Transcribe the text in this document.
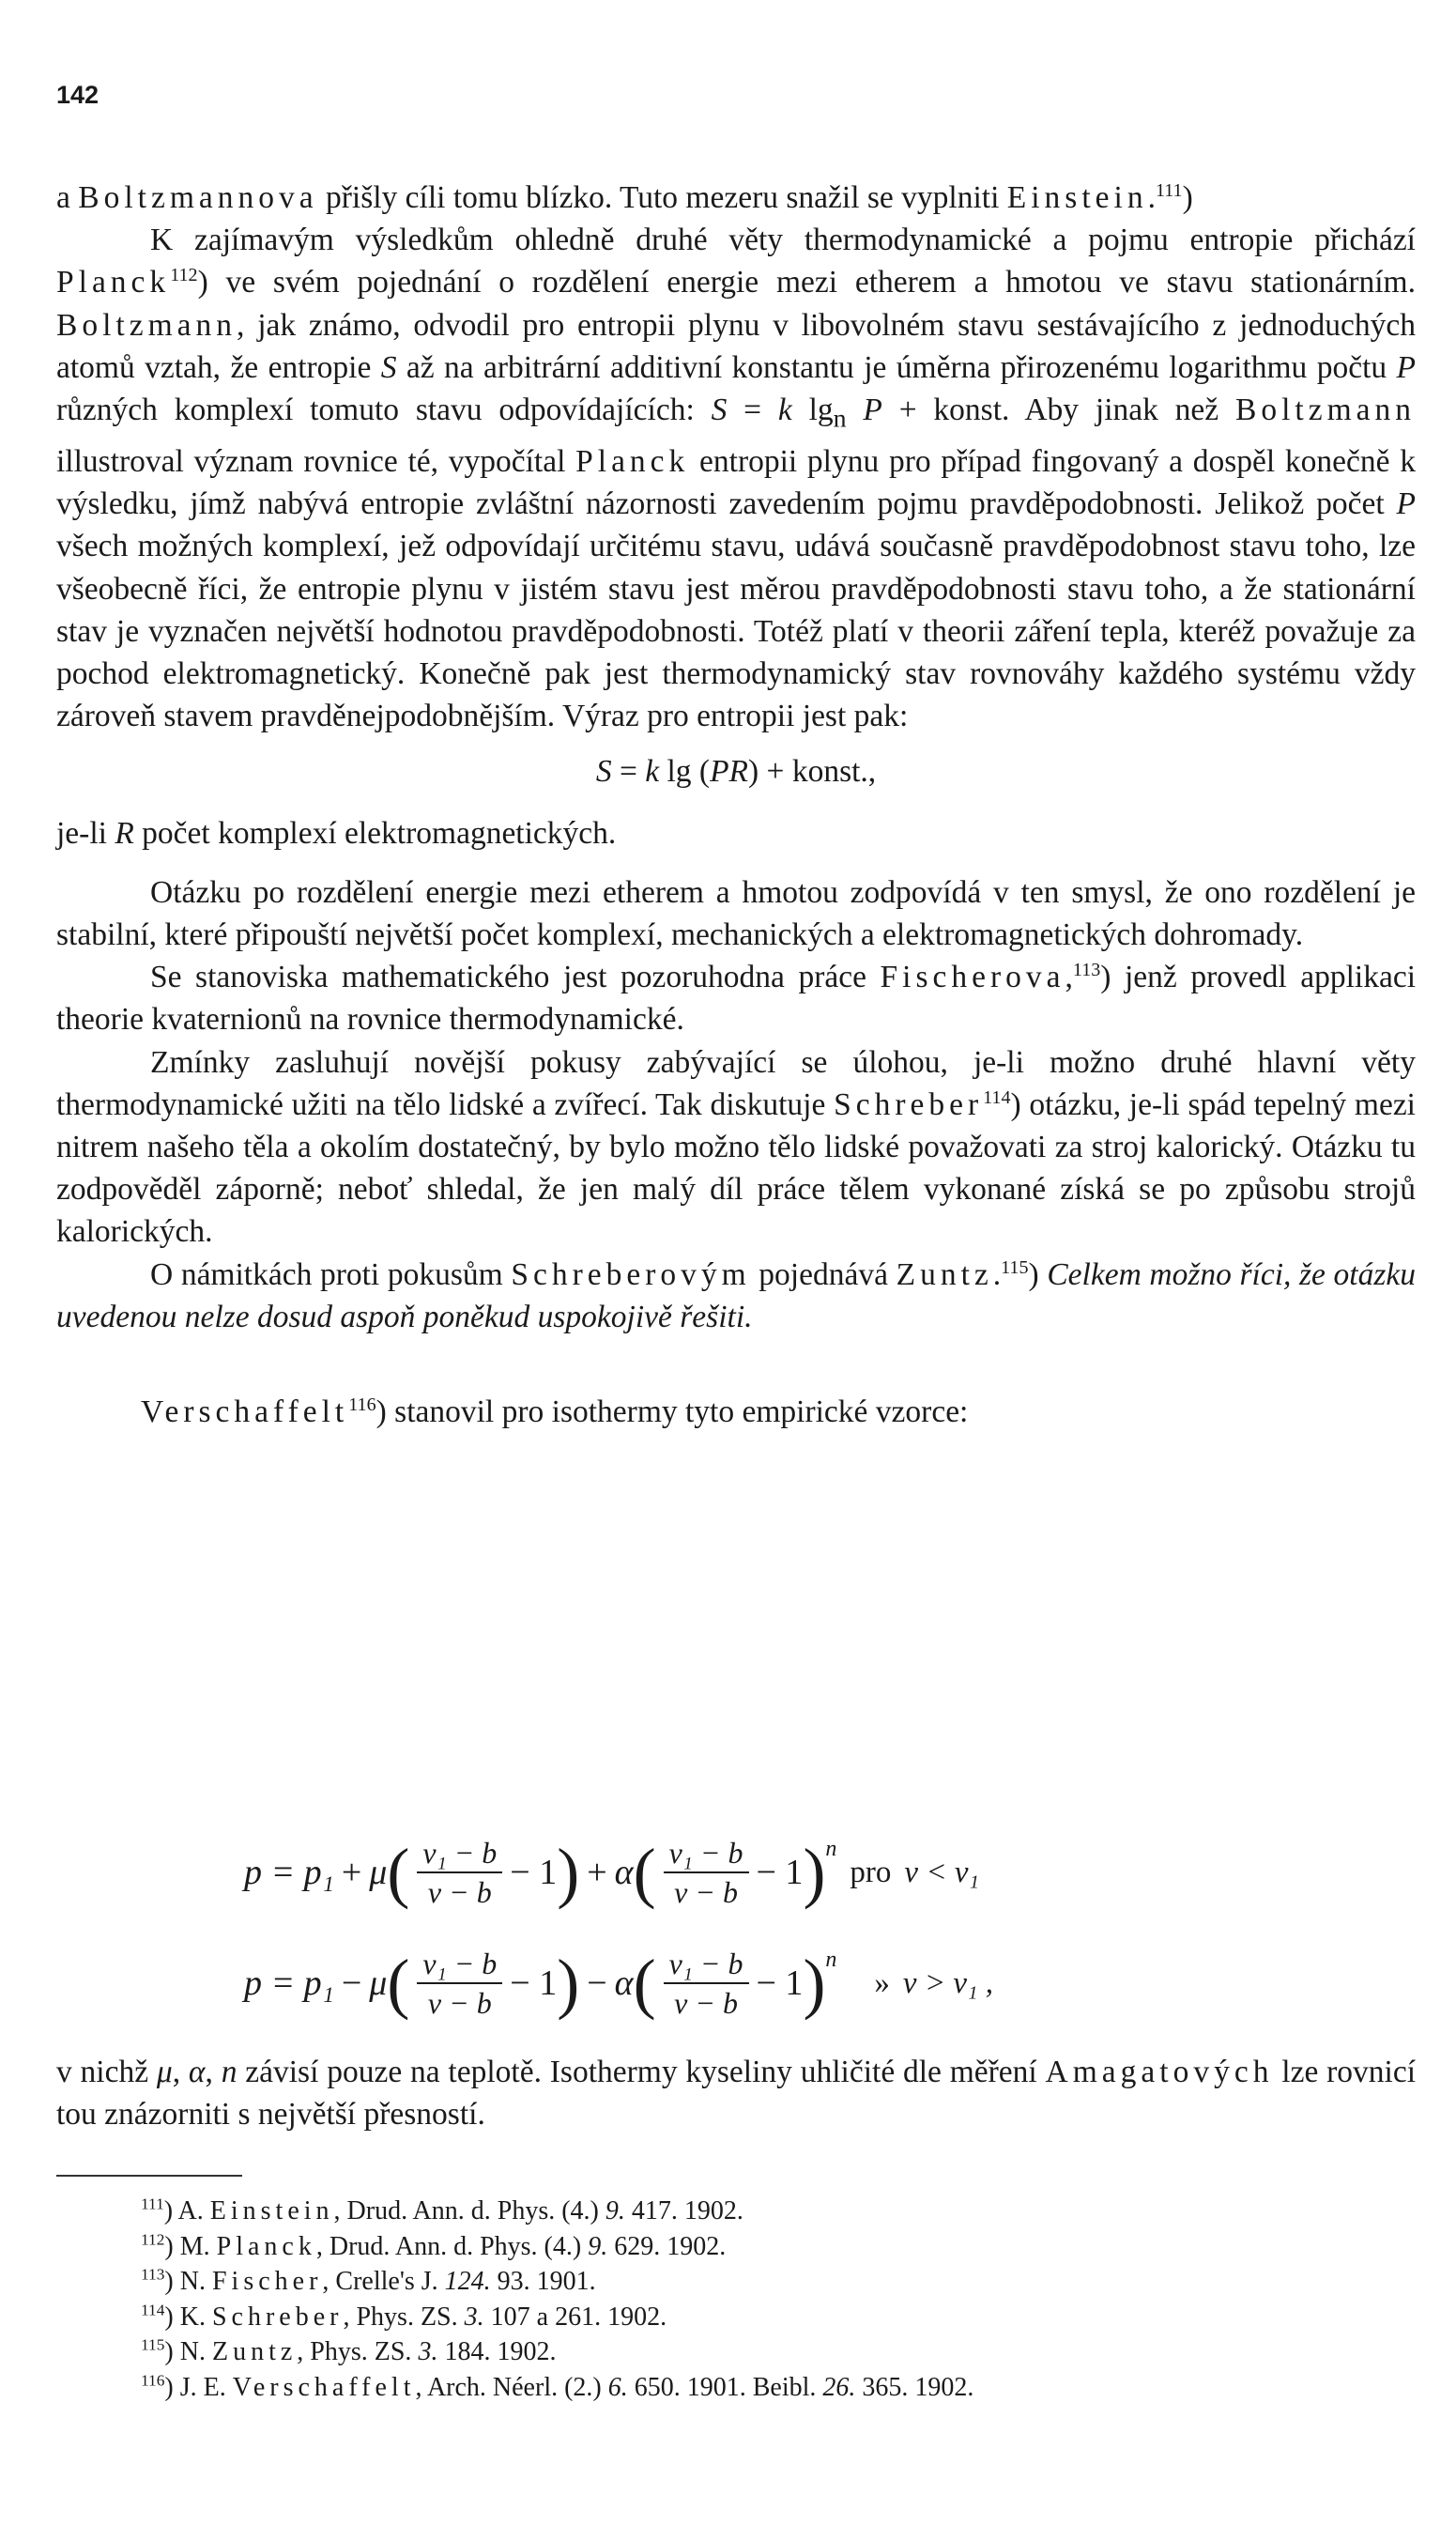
142

a Boltzmannova přišly cíli tomu blízko. Tuto mezeru snažil se vyplniti Einstein.$^{111}$)

K zajímavým výsledkům ohledně druhé věty thermodynamické a pojmu entropie přichází Planck$^{112}$) ve svém pojednání o rozdělení energie mezi etherem a hmotou ve stavu stationárním. Boltzmann, jak známo, odvodil pro entropii plynu v libovolném stavu sestávajícího z jednoduchých atomů vztah, že entropie S až na arbitrární additivní konstantu je úměrna přirozenému logarithmu počtu P různých komplexí tomuto stavu odpovídajících: S = k $\lg_n P$ + konst. Aby jinak než Boltzmann illustroval význam rovnice té, vypočítal Planck entropii plynu pro případ fingovaný a dospěl konečně k výsledku, jímž nabývá entropie zvláštní názornosti zavedením pojmu pravděpodobnosti. Jelikož počet P všech možných komplexí, jež odpovídají určitému stavu, udává současně pravděpodobnost stavu toho, lze všeobecně říci, že entropie plynu v jistém stavu jest měrou pravděpodobnosti stavu toho, a že stationární stav je vyznačen největší hodnotou pravděpodobnosti. Totéž platí v theorii záření tepla, kteréž považuje za pochod elektromagnetický. Konečně pak jest thermodynamický stav rovnováhy každého systému vždy zároveň stavem pravděnejpodobnějším. Výraz pro entropii jest pak:

S = k lg (PR) + konst.,

je-li R počet komplexí elektromagnetických.

Otázku po rozdělení energie mezi etherem a hmotou zodpovídá v ten smysl, že ono rozdělení je stabilní, které připouští největší počet komplexí, mechanických a elektromagnetických dohromady.

Se stanoviska mathematického jest pozoruhodna práce Fischerova,$^{113}$) jenž provedl applikaci theorie kvaternionů na rovnice thermodynamické.

Zmínky zasluhují novější pokusy zabývající se úlohou, je-li možno druhé hlavní věty thermodynamické užiti na tělo lidské a zvířecí. Tak diskutuje Schreber$^{114}$) otázku, je-li spád tepelný mezi nitrem našeho těla a okolím dostatečný, by bylo možno tělo lidské považovati za stroj kalorický. Otázku tu zodpověděl záporně; neboť shledal, že jen malý díl práce tělem vykonané získá se po způsobu strojů kalorických.

O námitkách proti pokusům Schreberovým pojednává Zuntz.$^{115}$) Celkem možno říci, že otázku uvedenou nelze dosud aspoň poněkud uspokojivě řešiti.

Verschaffelt$^{116}$) stanovil pro isothermy tyto empirické vzorce:

p = p₁ + μ ( $\frac{\text{v₁ − b}}{v - b} - 1$ ) + α ( $\frac{\text{v₁ − b}}{v - b} - 1$ )$^n$
pro v < v₁
p = p₁ − μ ( $\frac{\text{v₁ − b}}{v - b} - 1$ ) − α ( $\frac{\text{v₁ − b}}{v - b} - 1$ )$^n$
» v > v₁ ,

v nichž μ, α, n závisí pouze na teplotě. Isothermy kyseliny uhličité dle měření Amagatových lze rovnicí tou znázorniti s největší přesností.

$^{111}$) A. Einstein, Drud. Ann. d. Phys. (4.) 9. 417. 1902.
$^{112}$) M. Planck, Drud. Ann. d. Phys. (4.) 9. 629. 1902.
$^{113}$) N. Fischer, Crelle's J. 124. 93. 1901.
$^{114}$) K. Schreber, Phys. ZS. 3. 107 a 261. 1902.
$^{115}$) N. Zuntz, Phys. ZS. 3. 184. 1902.
$^{116}$) J. E. Verschaffelt, Arch. Néerl. (2.) 6. 650. 1901. Beibl. 26. 365. 1902.
